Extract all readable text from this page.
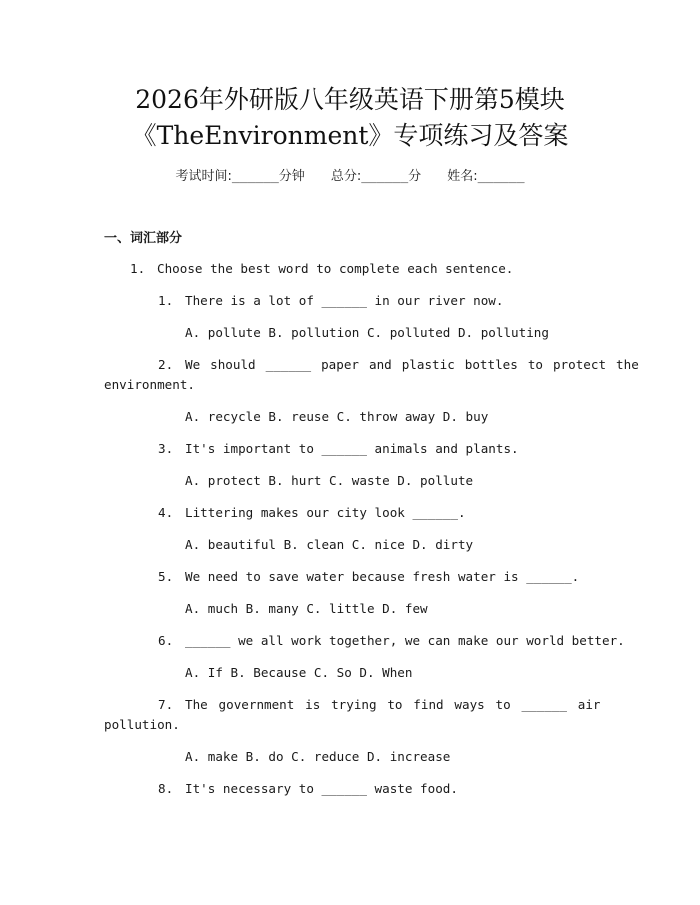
2026年外研版八年级英语下册第5模块
《TheEnvironment》专项练习及答案
考试时间:______分钟 总分:______分 姓名:______
一、词汇部分
1. Choose the best word to complete each sentence.
1. There is a lot of ______ in our river now.
A. pollute B. pollution C. polluted D. polluting
2. We should ______ paper and plastic bottles to protect the
environment.
A. recycle B. reuse C. throw away D. buy
3. It's important to ______ animals and plants.
A. protect B. hurt C. waste D. pollute
4. Littering makes our city look ______.
A. beautiful B. clean C. nice D. dirty
5. We need to save water because fresh water is ______.
A. much B. many C. little D. few
6. ______ we all work together, we can make our world better.
A. If B. Because C. So D. When
7. The government is trying to find ways to ______ air
pollution.
A. make B. do C. reduce D. increase
8. It's necessary to ______ waste food.
